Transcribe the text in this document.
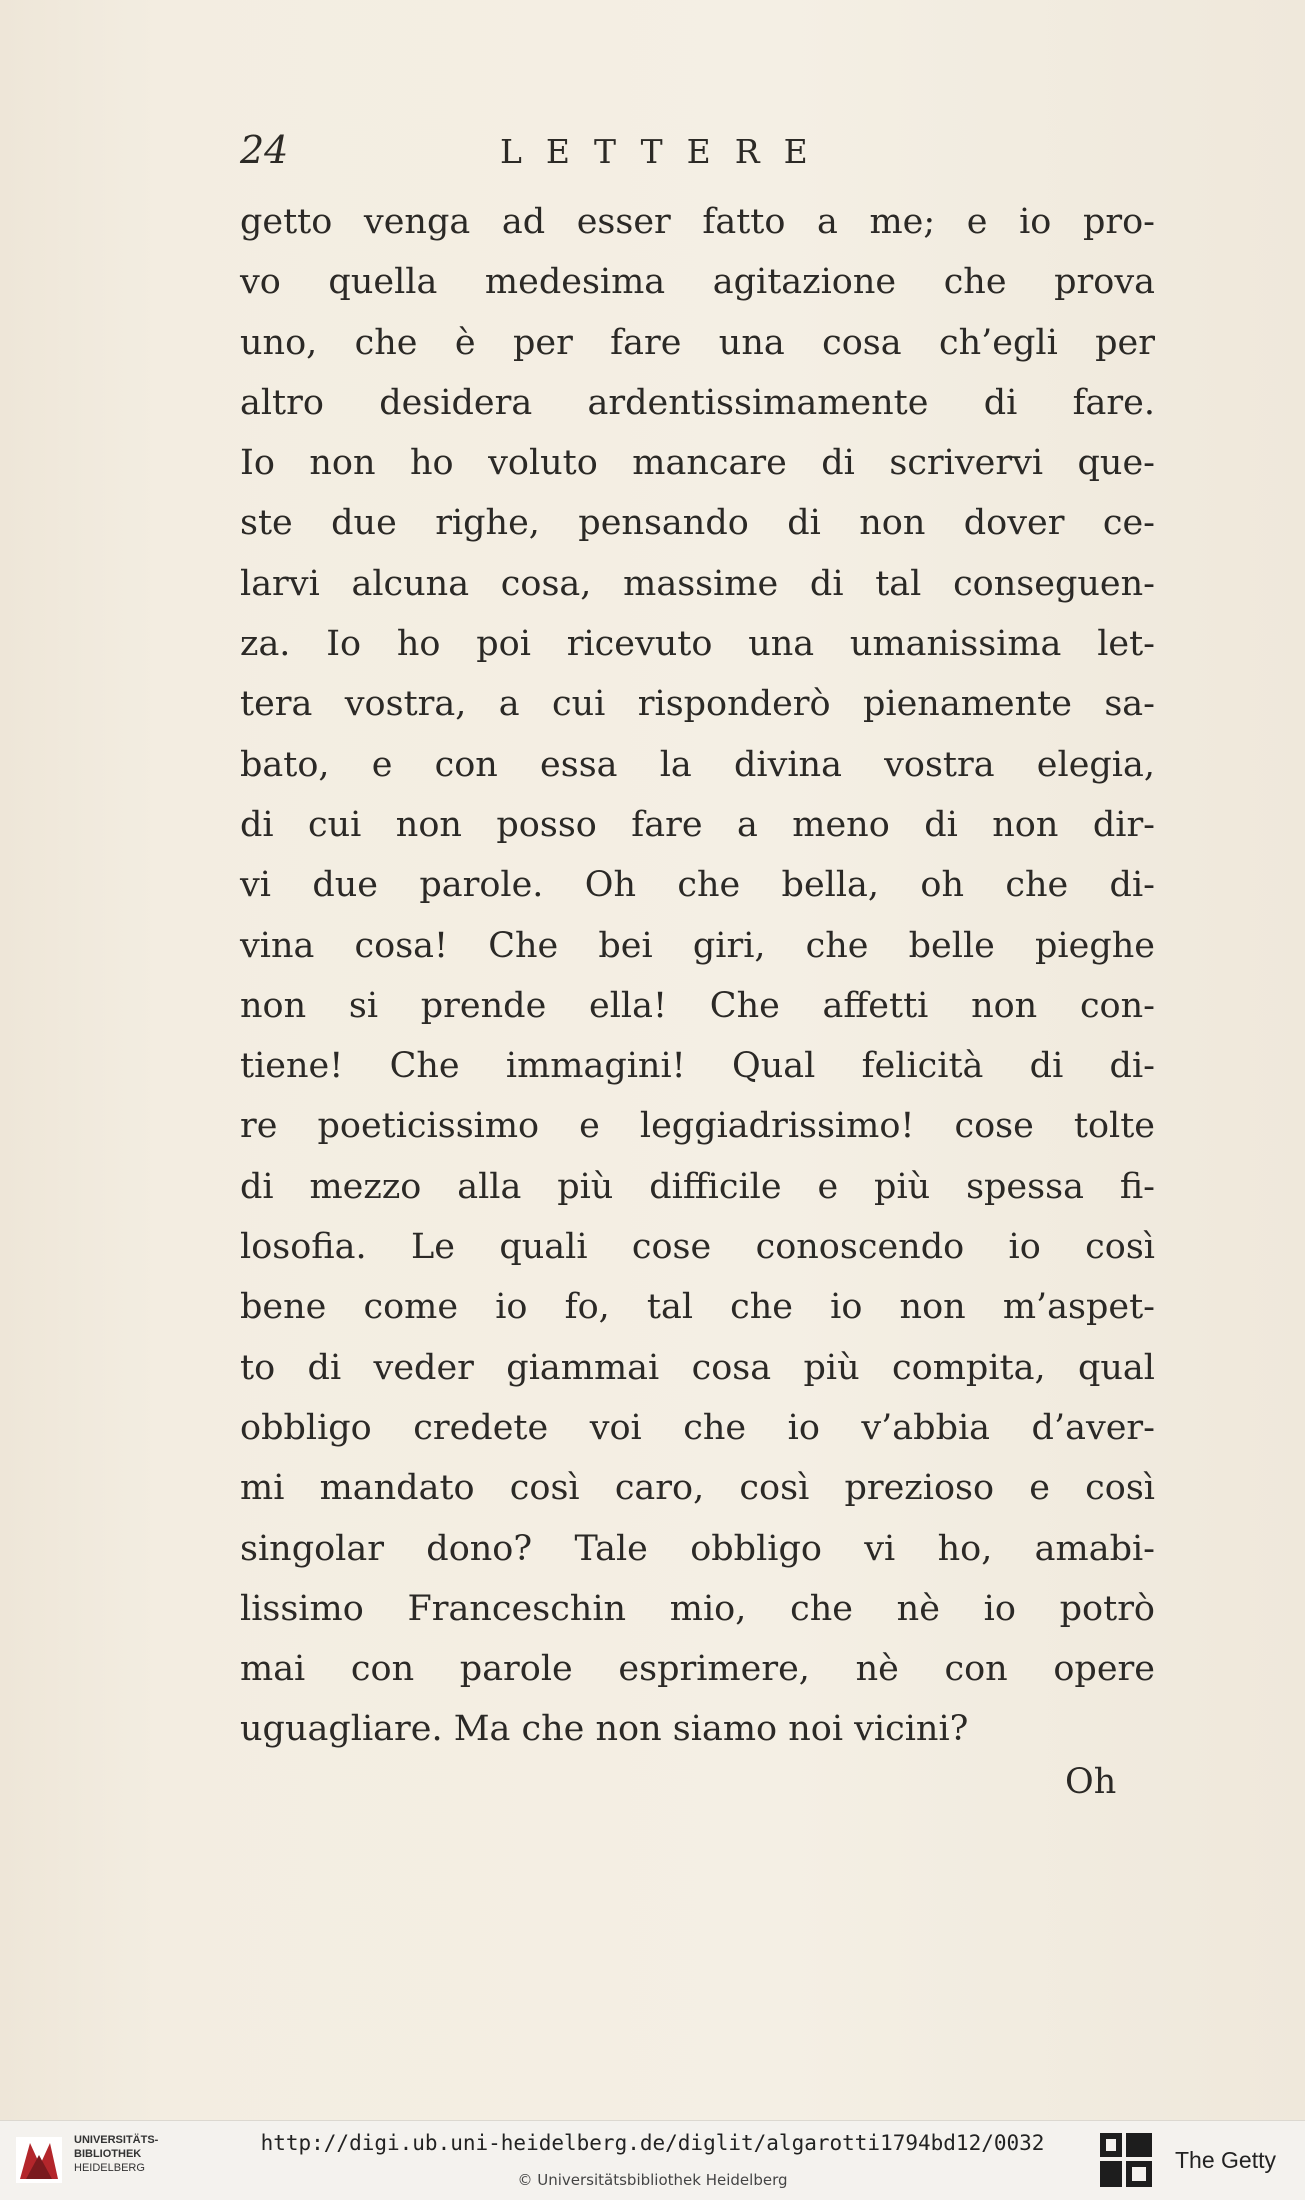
24	LETTERE
getto venga ad esser fatto a me; e io pro-
vo quella medesima agitazione che prova
uno, che è per fare una cosa ch’egli per
altro desidera ardentissimamente di fare.
Io non ho voluto mancare di scrivervi que-
ste due righe, pensando di non dover ce-
larvi alcuna cosa, massime di tal conseguen-
za. Io ho poi ricevuto una umanissima let-
tera vostra, a cui risponderò pienamente sa-
bato, e con essa la divina vostra elegia,
di cui non posso fare a meno di non dir-
vi due parole. Oh che bella, oh che di-
vina cosa! Che bei giri, che belle pieghe
non si prende ella! Che affetti non con-
tiene! Che immagini! Qual felicità di di-
re poeticissimo e leggiadrissimo! cose tolte
di mezzo alla più difficile e più spessa fi-
losofia. Le quali cose conoscendo io così
bene come io fo, tal che io non m’aspet-
to di veder giammai cosa più compita, qual
obbligo credete voi che io v’abbia d’aver-
mi mandato così caro, così prezioso e così
singolar dono? Tale obbligo vi ho, amabi-
lissimo Franceschin mio, che nè io potrò
mai con parole esprimere, nè con opere
uguagliare. Ma che non siamo noi vicini?
Oh
UNIVERSITÄTS-
BIBLIOTHEK
HEIDELBERG
http://digi.ub.uni-heidelberg.de/diglit/algarotti1794bd12/0032
© Universitätsbibliothek Heidelberg
The Getty
